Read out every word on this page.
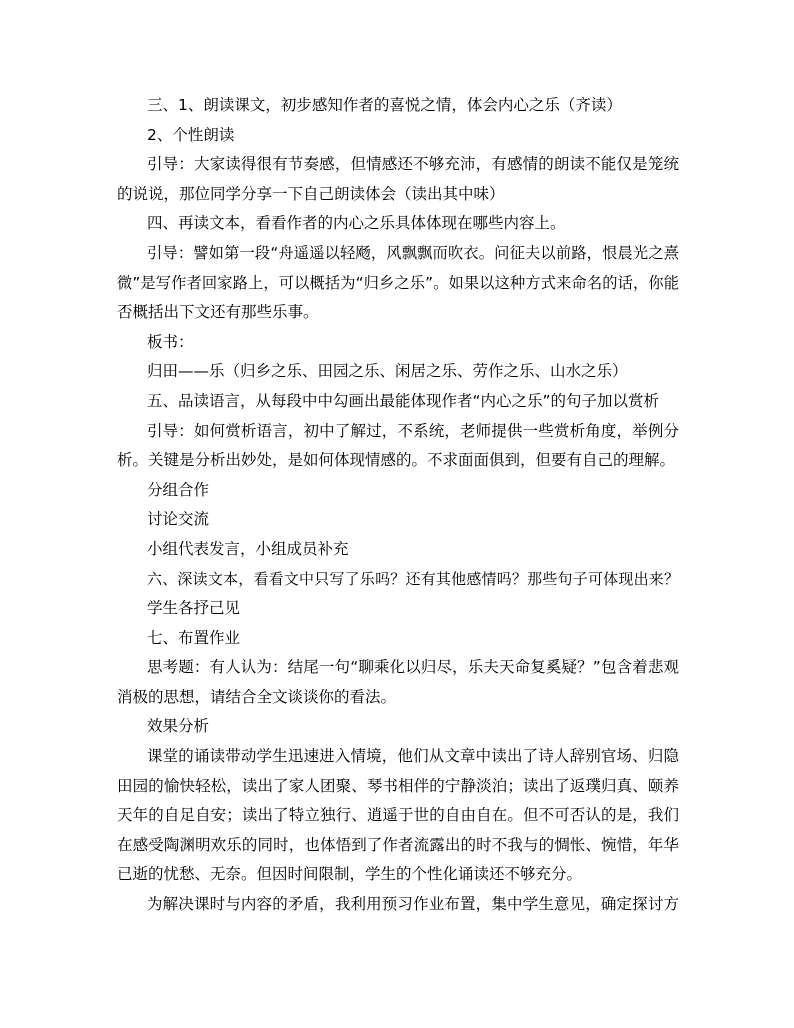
三、1、朗读课文，初步感知作者的喜悦之情，体会内心之乐（齐读）
2、个性朗读
引导：大家读得很有节奏感，但情感还不够充沛，有感情的朗读不能仅是笼统
的说说，那位同学分享一下自己朗读体会（读出其中味）
四、再读文本，看看作者的内心之乐具体体现在哪些内容上。
引导：譬如第一段“舟遥遥以轻飏，风飘飘而吹衣。问征夫以前路，恨晨光之熹
微”是写作者回家路上，可以概括为“归乡之乐”。如果以这种方式来命名的话，你能
否概括出下文还有那些乐事。
板书：
归田——乐（归乡之乐、田园之乐、闲居之乐、劳作之乐、山水之乐）
五、品读语言，从每段中中勾画出最能体现作者“内心之乐”的句子加以赏析
引导：如何赏析语言，初中了解过，不系统，老师提供一些赏析角度，举例分
析。关键是分析出妙处，是如何体现情感的。不求面面俱到，但要有自己的理解。
分组合作
讨论交流
小组代表发言，小组成员补充
六、深读文本，看看文中只写了乐吗？还有其他感情吗？那些句子可体现出来？
学生各抒己见
七、布置作业
思考题：有人认为：结尾一句“聊乘化以归尽，乐夫天命复奚疑？”包含着悲观
消极的思想，请结合全文谈谈你的看法。
效果分析
课堂的诵读带动学生迅速进入情境，他们从文章中读出了诗人辞别官场、归隐
田园的愉快轻松，读出了家人团聚、琴书相伴的宁静淡泊；读出了返璞归真、颐养
天年的自足自安；读出了特立独行、逍遥于世的自由自在。但不可否认的是，我们
在感受陶渊明欢乐的同时，也体悟到了作者流露出的时不我与的惆怅、惋惜，年华
已逝的忧愁、无奈。但因时间限制，学生的个性化诵读还不够充分。
为解决课时与内容的矛盾，我利用预习作业布置，集中学生意见，确定探讨方
